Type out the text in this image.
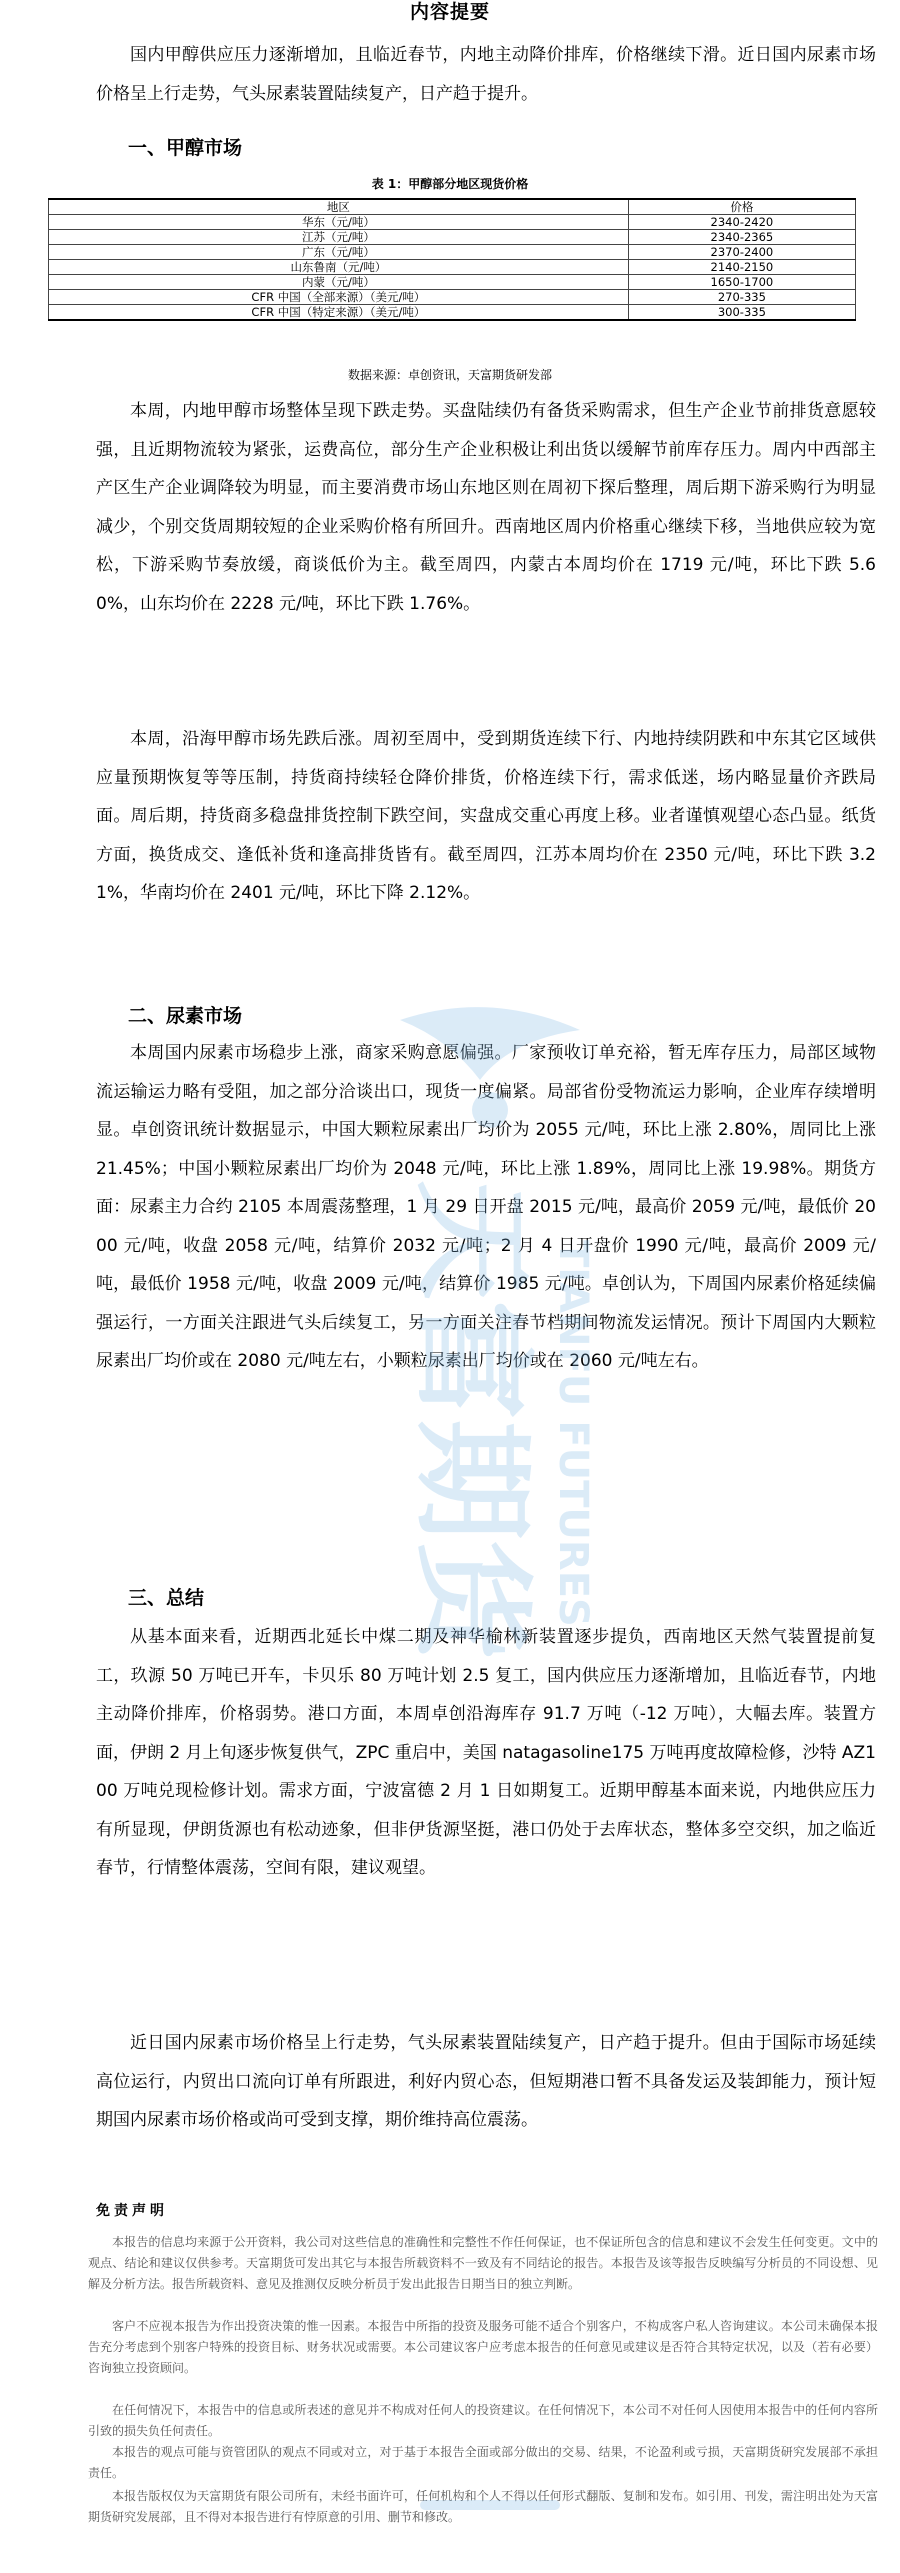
内容提要

国内甲醇供应压力逐渐增加，且临近春节，内地主动降价排库，价格继续下滑。近日国内尿素市场价格呈上行走势，气头尿素装置陆续复产，日产趋于提升。

一、甲醇市场
表 1：甲醇部分地区现货价格
地区	价格
华东（元/吨）	2340-2420
江苏（元/吨）	2340-2365
广东（元/吨）	2370-2400
山东鲁南（元/吨）	2140-2150
内蒙（元/吨）	1650-1700
CFR 中国（全部来源）（美元/吨）	270-335
CFR 中国（特定来源）（美元/吨）	300-335
数据来源：卓创资讯，天富期货研发部

本周，内地甲醇市场整体呈现下跌走势。买盘陆续仍有备货采购需求，但生产企业节前排货意愿较强，且近期物流较为紧张，运费高位，部分生产企业积极让利出货以缓解节前库存压力。周内中西部主产区生产企业调降较为明显，而主要消费市场山东地区则在周初下探后整理，周后期下游采购行为明显减少，个别交货周期较短的企业采购价格有所回升。西南地区周内价格重心继续下移，当地供应较为宽松，下游采购节奏放缓，商谈低价为主。截至周四，内蒙古本周均价在 1719 元/吨，环比下跌 5.60%，山东均价在 2228 元/吨，环比下跌 1.76%。

本周，沿海甲醇市场先跌后涨。周初至周中，受到期货连续下行、内地持续阴跌和中东其它区域供应量预期恢复等等压制，持货商持续轻仓降价排货，价格连续下行，需求低迷，场内略显量价齐跌局面。周后期，持货商多稳盘排货控制下跌空间，实盘成交重心再度上移。业者谨慎观望心态凸显。纸货方面，换货成交、逢低补货和逢高排货皆有。截至周四，江苏本周均价在 2350 元/吨，环比下跌 3.21%，华南均价在 2401 元/吨，环比下降 2.12%。

二、尿素市场

本周国内尿素市场稳步上涨，商家采购意愿偏强。厂家预收订单充裕，暂无库存压力，局部区域物流运输运力略有受阻，加之部分洽谈出口，现货一度偏紧。局部省份受物流运力影响，企业库存续增明显。卓创资讯统计数据显示，中国大颗粒尿素出厂均价为 2055 元/吨，环比上涨 2.80%，周同比上涨 21.45%；中国小颗粒尿素出厂均价为 2048 元/吨，环比上涨 1.89%，周同比上涨 19.98%。期货方面：尿素主力合约 2105 本周震荡整理，1 月 29 日开盘 2015 元/吨，最高价 2059 元/吨，最低价 2000 元/吨，收盘 2058 元/吨，结算价 2032 元/吨；2 月 4 日开盘价 1990 元/吨，最高价 2009 元/吨，最低价 1958 元/吨，收盘 2009 元/吨，结算价 1985 元/吨。卓创认为，下周国内尿素价格延续偏强运行，一方面关注跟进气头后续复工，另一方面关注春节档期间物流发运情况。预计下周国内大颗粒尿素出厂均价或在 2080 元/吨左右，小颗粒尿素出厂均价或在 2060 元/吨左右。

三、总结

从基本面来看，近期西北延长中煤二期及神华榆林新装置逐步提负，西南地区天然气装置提前复工，玖源 50 万吨已开车，卡贝乐 80 万吨计划 2.5 复工，国内供应压力逐渐增加，且临近春节，内地主动降价排库，价格弱势。港口方面，本周卓创沿海库存 91.7 万吨（-12 万吨），大幅去库。装置方面，伊朗 2 月上旬逐步恢复供气，ZPC 重启中，美国 natagasoline175 万吨再度故障检修，沙特 AZ100 万吨兑现检修计划。需求方面，宁波富德 2 月 1 日如期复工。近期甲醇基本面来说，内地供应压力有所显现，伊朗货源也有松动迹象，但非伊货源坚挺，港口仍处于去库状态，整体多空交织，加之临近春节，行情整体震荡，空间有限，建议观望。

近日国内尿素市场价格呈上行走势，气头尿素装置陆续复产，日产趋于提升。但由于国际市场延续高位运行，内贸出口流向订单有所跟进，利好内贸心态，但短期港口暂不具备发运及装卸能力，预计短期国内尿素市场价格或尚可受到支撑，期价维持高位震荡。

免责声明

本报告的信息均来源于公开资料，我公司对这些信息的准确性和完整性不作任何保证，也不保证所包含的信息和建议不会发生任何变更。文中的观点、结论和建议仅供参考。天富期货可发出其它与本报告所载资料不一致及有不同结论的报告。本报告及该等报告反映编写分析员的不同设想、见解及分析方法。报告所载资料、意见及推测仅反映分析员于发出此报告日期当日的独立判断。

客户不应视本报告为作出投资决策的惟一因素。本报告中所指的投资及服务可能不适合个别客户，不构成客户私人咨询建议。本公司未确保本报告充分考虑到个别客户特殊的投资目标、财务状况或需要。本公司建议客户应考虑本报告的任何意见或建议是否符合其特定状况，以及（若有必要）咨询独立投资顾问。

在任何情况下，本报告中的信息或所表述的意见并不构成对任何人的投资建议。在任何情况下，本公司不对任何人因使用本报告中的任何内容所引致的损失负任何责任。

本报告的观点可能与资管团队的观点不同或对立，对于基于本报告全面或部分做出的交易、结果，不论盈利或亏损，天富期货研究发展部不承担责任。

本报告版权仅为天富期货有限公司所有，未经书面许可，任何机构和个人不得以任何形式翻版、复制和发布。如引用、刊发，需注明出处为天富期货研究发展部，且不得对本报告进行有悖原意的引用、删节和修改。

天富期货 TIANFU FUTURES
